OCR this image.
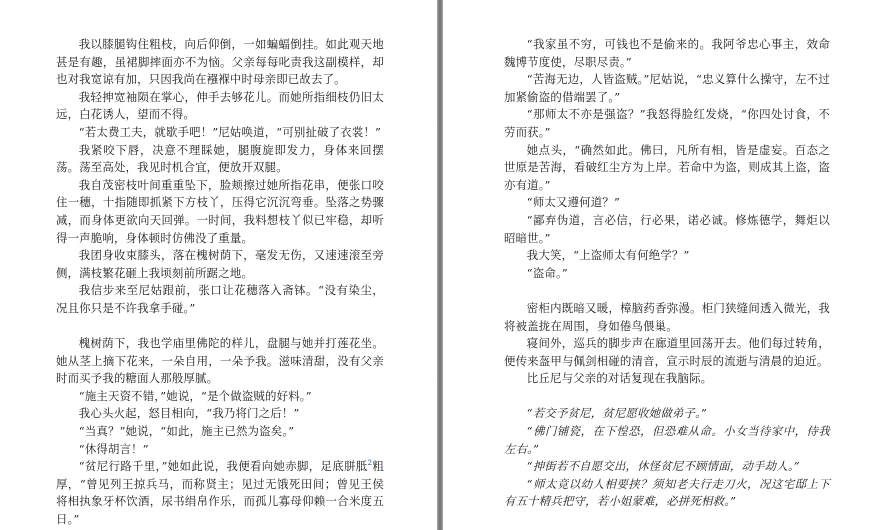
我以膝腿钩住粗枝，向后仰倒，一如蝙蝠倒挂。如此观天地甚是有趣，虽裙脚摔面亦不为恼。父亲每每叱责我这副模样，却也对我宽谅有加，只因我尚在襁褓中时母亲即已故去了。

我轻抻宽袖陨在掌心，伸手去够花儿。而她所指细枝仍旧太远，白花诱人，望而不得。

“若太费工夫，就歇手吧！”尼姑唤道，“可别扯破了衣裳！”

我紧咬下唇，决意不理睬她，腿腹旋即发力，身体来回摆荡。荡至高处，我见时机合宜，便放开双腿。

我自茂密枝叶间重重坠下，脸颊擦过她所指花串，便张口咬住一穗，十指随即抓紧下方枝丫，压得它沉沉弯垂。坠落之势骤减，而身体更欲向天回弹。一时间，我料想枝丫似已牢稳，却听得一声脆响，身体顿时仿佛没了重量。

我团身收束膝头，落在槐树荫下，毫发无伤，又速速滚至旁侧，满枝繁花砸上我顷刻前所踞之地。

我信步来至尼姑跟前，张口让花穗落入斋钵。“没有染尘，况且你只是不许我拿手碰。”

槐树荫下，我也学庙里佛陀的样儿，盘腿与她并打莲花坐。她从茎上摘下花来，一朵自用，一朵予我。滋味清甜，没有父亲时而买予我的糖面人那般厚腻。

“施主天资不错，”她说，“是个做盗贼的好料。”

我心头火起，怒目相向，“我乃将门之后！”

“当真？”她说，“如此，施主已然为盗矣。”

“休得胡言！”

“贫尼行路千里，”她如此说，我便看向她赤脚，足底胼胝$^2$粗厚，“曾见列王掠兵马，而称贤主；见过无饿死田间；曾见王侯将相执象牙杯饮酒，尿书绢帛作乐，而孤儿寡母仰赖一合米度五日。”

“我家虽不穷，可钱也不是偷来的。我阿爷忠心事主，效命魏博节度使，尽职尽责。”

“苦海无边，人皆盗贼。”尼姑说，“忠义算什么操守，左不过加紧偷盗的借端罢了。”

“那师太不亦是强盗？”我怒得脸红发烧，“你四处讨食，不劳而获。”

她点头，“确然如此。佛曰，凡所有相，皆是虚妄。百态之世原是苦海，看破红尘方为上岸。若命中为盗，则成其上盗，盗亦有道。”

“师太又遵何道？”

“鄙弃伪道，言必信，行必果，诺必诚。修炼德学，舞炬以昭暗世。”

我大笑，“上盗师太有何绝学？”

“盗命。”

密柜内既暗又暖，樟脑药香弥漫。柜门狭缝间透入微光，我将被盖拢在周围，身如倦鸟偎巢。

寝间外，巡兵的脚步声在廊道里回荡开去。他们每过转角，便传来盔甲与佩剑相碰的清音，宣示时辰的流逝与清晨的迫近。

比丘尼与父亲的对话复现在我脑际。

“若交予贫尼，贫尼愿收她做弟子。”

“佛门铺瓷，在下惶恐，但恐难从命。小女当待家中，侍我左右。”

“抻街若不自愿交出，休怪贫尼不顾情面，动手劫人。”

“师太竟以幼人相要挟？须知老夫行走刀火，况这宅邸上下有五十精兵把守，若小姐蒙难，必拼死相救。”
